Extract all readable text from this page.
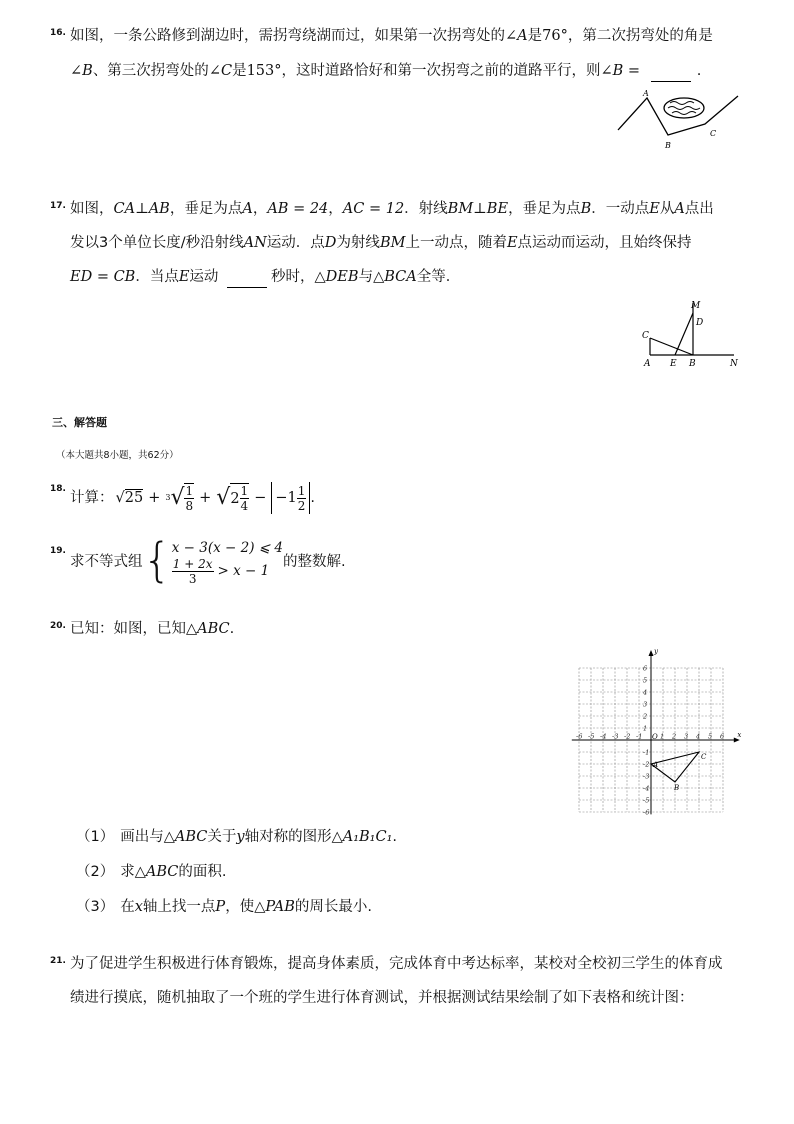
16. 如图，一条公路修到湖边时，需拐弯绕湖而过，如果第一次拐弯处的∠A是76°，第二次拐弯处的角是
∠B、第三次拐弯处的∠C是153°，这时道路恰好和第一次拐弯之前的道路平行，则∠B =	.
A
B
C
17. 如图，CA⊥AB，垂足为点A，AB = 24，AC = 12．射线BM⊥BE，垂足为点B．一动点E从A点出
发以3个单位长度/秒沿射线AN运动．点D为射线BM上一动点，随着E点运动而运动，且始终保持
ED = CB．当点E运动	秒时，△DEB与△BCA全等．
M
D
C
A E B	N
三、解答题
（本大题共8小题，共62分）
18.
计算： √25 + 3 √ $\frac{1}{8}$ + √ $2 \frac{1}{4} - -1 \frac{1}{2}$ .
19.
求不等式组 { x − 3(x − 2) ⩽ 4
$\frac{1 + 2x}{3} > x - 1$
的整数解.
20. 已知：如图，已知△ABC.
x
y
O
-6 -5 -4 -3 -2 -1	1 2 3 4 5 6
6
5
4
3
2
1
-1
-2
-3
-4
-5
-6
A
B
C
（1） 画出与△ABC关于y轴对称的图形△A₁B₁C₁.
（2） 求△ABC的面积.
（3） 在x轴上找一点P，使△PAB的周长最小.
21. 为了促进学生积极进行体育锻炼，提高身体素质，完成体育中考达标率，某校对全校初三学生的体育成
绩进行摸底，随机抽取了一个班的学生进行体育测试，并根据测试结果绘制了如下表格和统计图：
